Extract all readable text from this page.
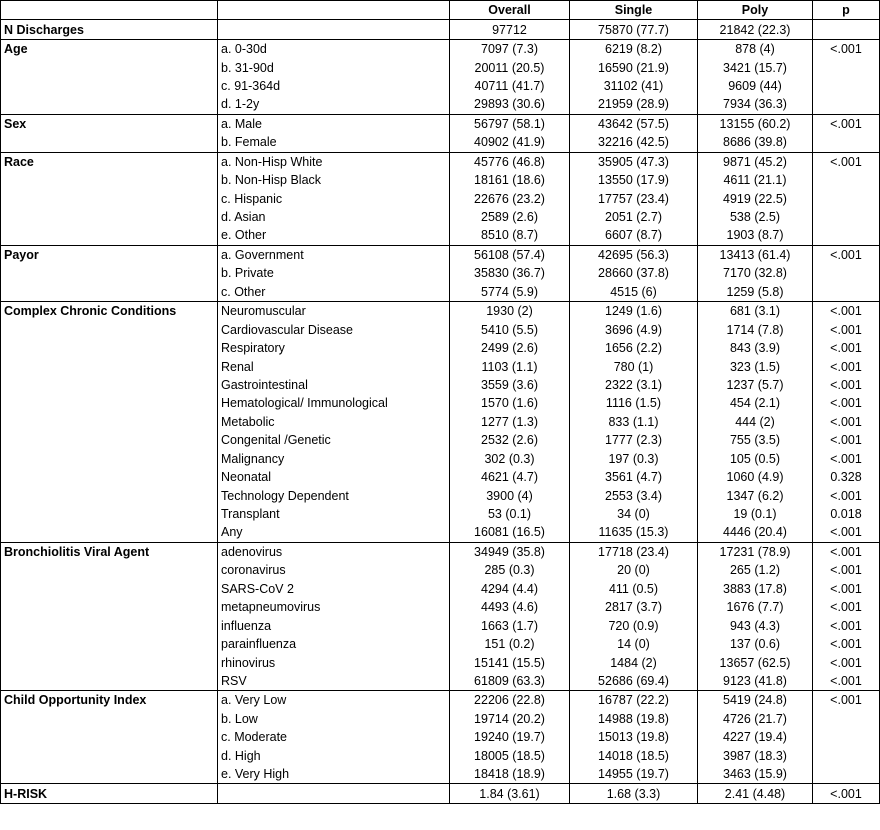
		Overall	Single	Poly	p
N Discharges		97712	75870 (77.7)	21842 (22.3)	
Age	a. 0-30d	7097 (7.3)	6219 (8.2)	878 (4)	<.001
	b. 31-90d	20011 (20.5)	16590 (21.9)	3421 (15.7)	
	c. 91-364d	40711 (41.7)	31102 (41)	9609 (44)	
	d. 1-2y	29893 (30.6)	21959 (28.9)	7934 (36.3)	
Sex	a. Male	56797 (58.1)	43642 (57.5)	13155 (60.2)	<.001
	b. Female	40902 (41.9)	32216 (42.5)	8686 (39.8)	
Race	a. Non-Hisp White	45776 (46.8)	35905 (47.3)	9871 (45.2)	<.001
	b. Non-Hisp Black	18161 (18.6)	13550 (17.9)	4611 (21.1)	
	c. Hispanic	22676 (23.2)	17757 (23.4)	4919 (22.5)	
	d. Asian	2589 (2.6)	2051 (2.7)	538 (2.5)	
	e. Other	8510 (8.7)	6607 (8.7)	1903 (8.7)	
Payor	a. Government	56108 (57.4)	42695 (56.3)	13413 (61.4)	<.001
	b. Private	35830 (36.7)	28660 (37.8)	7170 (32.8)	
	c. Other	5774 (5.9)	4515 (6)	1259 (5.8)	
Complex Chronic Conditions	Neuromuscular	1930 (2)	1249 (1.6)	681 (3.1)	<.001
	Cardiovascular Disease	5410 (5.5)	3696 (4.9)	1714 (7.8)	<.001
	Respiratory	2499 (2.6)	1656 (2.2)	843 (3.9)	<.001
	Renal	1103 (1.1)	780 (1)	323 (1.5)	<.001
	Gastrointestinal	3559 (3.6)	2322 (3.1)	1237 (5.7)	<.001
	Hematological/ Immunological	1570 (1.6)	1116 (1.5)	454 (2.1)	<.001
	Metabolic	1277 (1.3)	833 (1.1)	444 (2)	<.001
	Congenital /Genetic	2532 (2.6)	1777 (2.3)	755 (3.5)	<.001
	Malignancy	302 (0.3)	197 (0.3)	105 (0.5)	<.001
	Neonatal	4621 (4.7)	3561 (4.7)	1060 (4.9)	0.328
	Technology Dependent	3900 (4)	2553 (3.4)	1347 (6.2)	<.001
	Transplant	53 (0.1)	34 (0)	19 (0.1)	0.018
	Any	16081 (16.5)	11635 (15.3)	4446 (20.4)	<.001
Bronchiolitis Viral Agent	adenovirus	34949 (35.8)	17718 (23.4)	17231 (78.9)	<.001
	coronavirus	285 (0.3)	20 (0)	265 (1.2)	<.001
	SARS-CoV 2	4294 (4.4)	411 (0.5)	3883 (17.8)	<.001
	metapneumovirus	4493 (4.6)	2817 (3.7)	1676 (7.7)	<.001
	influenza	1663 (1.7)	720 (0.9)	943 (4.3)	<.001
	parainfluenza	151 (0.2)	14 (0)	137 (0.6)	<.001
	rhinovirus	15141 (15.5)	1484 (2)	13657 (62.5)	<.001
	RSV	61809 (63.3)	52686 (69.4)	9123 (41.8)	<.001
Child Opportunity Index	a. Very Low	22206 (22.8)	16787 (22.2)	5419 (24.8)	<.001
	b. Low	19714 (20.2)	14988 (19.8)	4726 (21.7)	
	c. Moderate	19240 (19.7)	15013 (19.8)	4227 (19.4)	
	d. High	18005 (18.5)	14018 (18.5)	3987 (18.3)	
	e. Very High	18418 (18.9)	14955 (19.7)	3463 (15.9)	
H-RISK		1.84 (3.61)	1.68 (3.3)	2.41 (4.48)	<.001
